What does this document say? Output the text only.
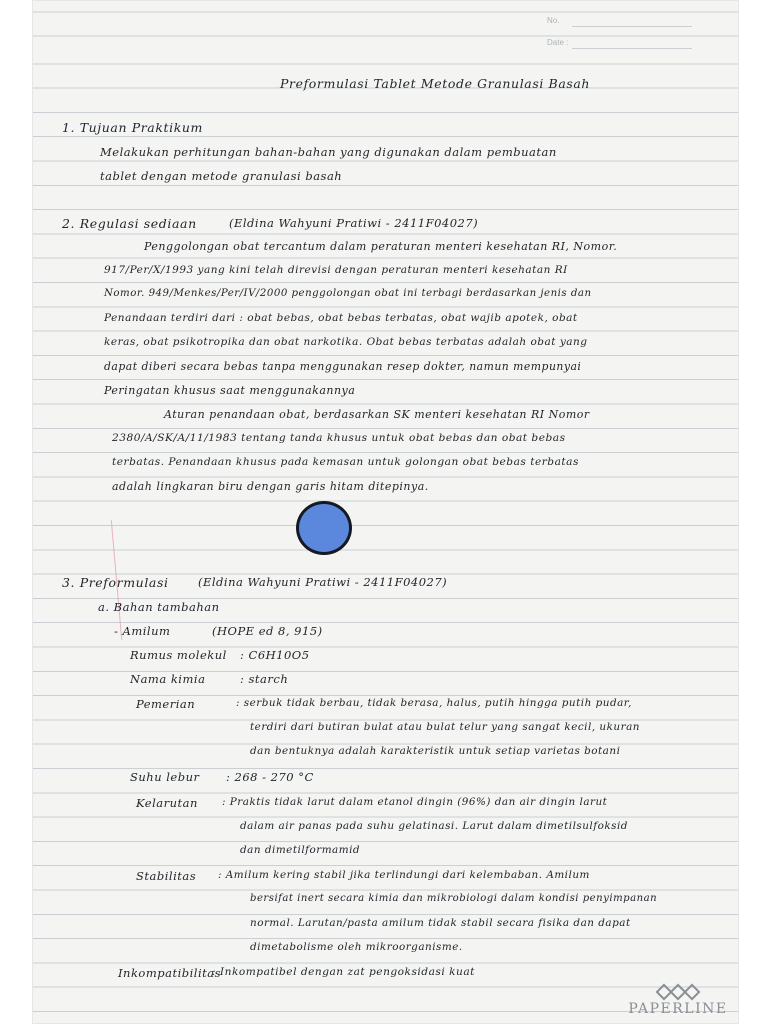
No.
Date :
Preformulasi Tablet Metode Granulasi Basah
1. Tujuan Praktikum
Melakukan perhitungan bahan-bahan yang digunakan dalam pembuatan
tablet dengan metode granulasi basah
2. Regulasi sediaan	(Eldina Wahyuni Pratiwi - 2411F04027)
Penggolongan obat tercantum dalam peraturan menteri kesehatan RI, Nomor.
917/Per/X/1993 yang kini telah direvisi dengan peraturan menteri kesehatan RI
Nomor. 949/Menkes/Per/IV/2000 penggolongan obat ini terbagi berdasarkan jenis dan
Penandaan terdiri dari : obat bebas, obat bebas terbatas, obat wajib apotek, obat
keras, obat psikotropika dan obat narkotika. Obat bebas terbatas adalah obat yang
dapat diberi secara bebas tanpa menggunakan resep dokter, namun mempunyai
Peringatan khusus saat menggunakannya
Aturan penandaan obat, berdasarkan SK menteri kesehatan RI Nomor
2380/A/SK/A/11/1983 tentang tanda khusus untuk obat bebas dan obat bebas
terbatas. Penandaan khusus pada kemasan untuk golongan obat bebas terbatas
adalah lingkaran biru dengan garis hitam ditepinya.
3. Preformulasi	(Eldina Wahyuni Pratiwi - 2411F04027)
a. Bahan tambahan
- Amilum	(HOPE ed 8, 915)
Rumus molekul : C6H10O5
Nama kimia	: starch
Pemerian	: serbuk tidak berbau, tidak berasa, halus, putih hingga putih pudar,
terdiri dari butiran bulat atau bulat telur yang sangat kecil, ukuran
dan bentuknya adalah karakteristik untuk setiap varietas botani
Suhu lebur : 268 - 270 °C
Kelarutan : Praktis tidak larut dalam etanol dingin (96%) dan air dingin larut
dalam air panas pada suhu gelatinasi. Larut dalam dimetilsulfoksid
dan dimetilformamid
Stabilitas : Amilum kering stabil jika terlindungi dari kelembaban. Amilum
bersifat inert secara kimia dan mikrobiologi dalam kondisi penyimpanan
normal. Larutan/pasta amilum tidak stabil secara fisika dan dapat
dimetabolisme oleh mikroorganisme.
Inkompatibilitas
: Inkompatibel dengan zat pengoksidasi kuat
PAPERLINE
